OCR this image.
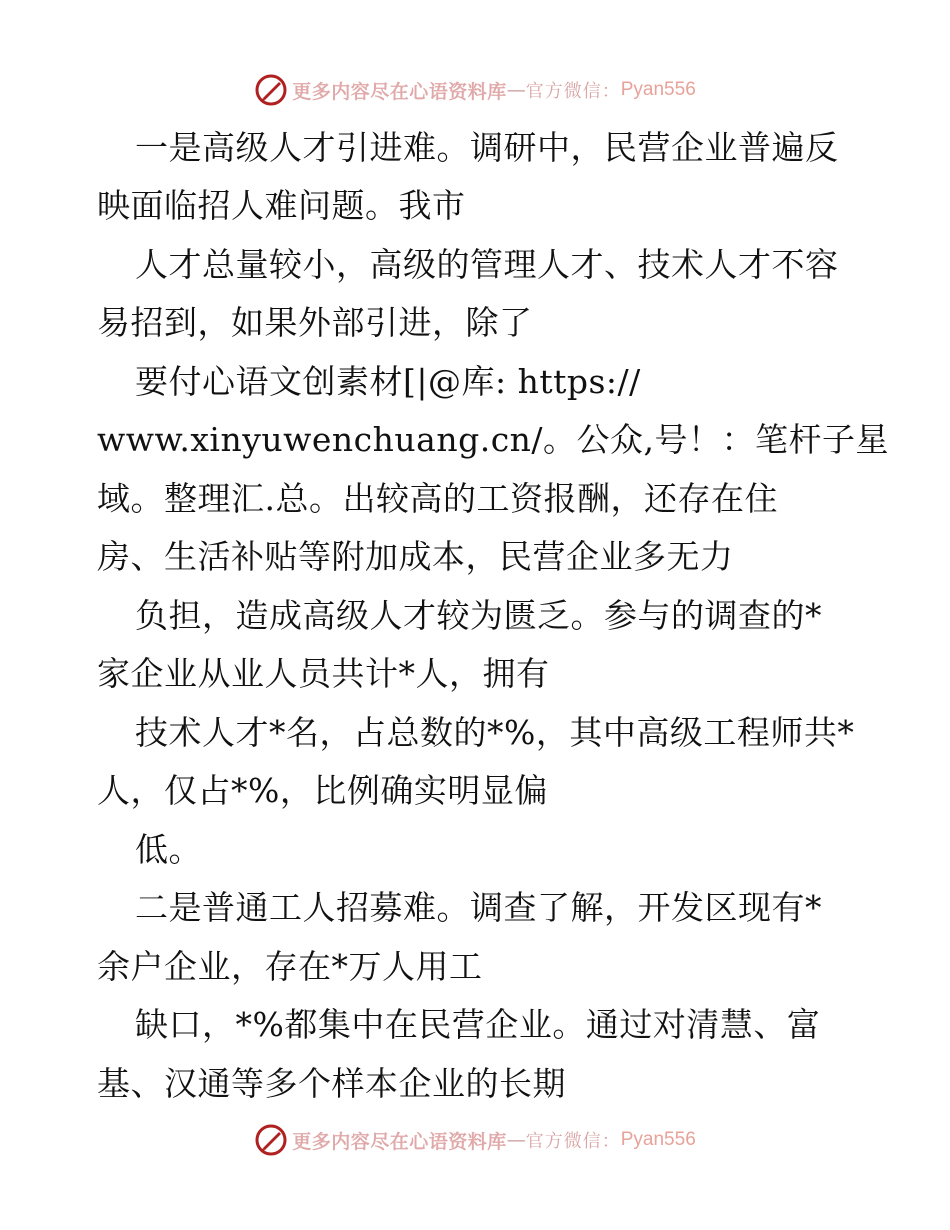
更多内容尽在心语资料库 — 官方微信： Pyan556
一是高级人才引进难。调研中，民营企业普遍反
映面临招人难问题。我市
人才总量较小，高级的管理人才、技术人才不容
易招到，如果外部引进，除了
要付心语文创素材[|@库: https://
www.xinyuwenchuang.cn/。公众,号！：笔杆子星
域。整理汇.总。出较高的工资报酬，还存在住
房、生活补贴等附加成本，民营企业多无力
负担，造成高级人才较为匮乏。参与的调查的*
家企业从业人员共计*人，拥有
技术人才*名，占总数的*%，其中高级工程师共*
人，仅占*%，比例确实明显偏
低。
二是普通工人招募难。调查了解，开发区现有*
余户企业，存在*万人用工
缺口，*%都集中在民营企业。通过对清慧、富
基、汉通等多个样本企业的长期
更多内容尽在心语资料库 — 官方微信： Pyan556
